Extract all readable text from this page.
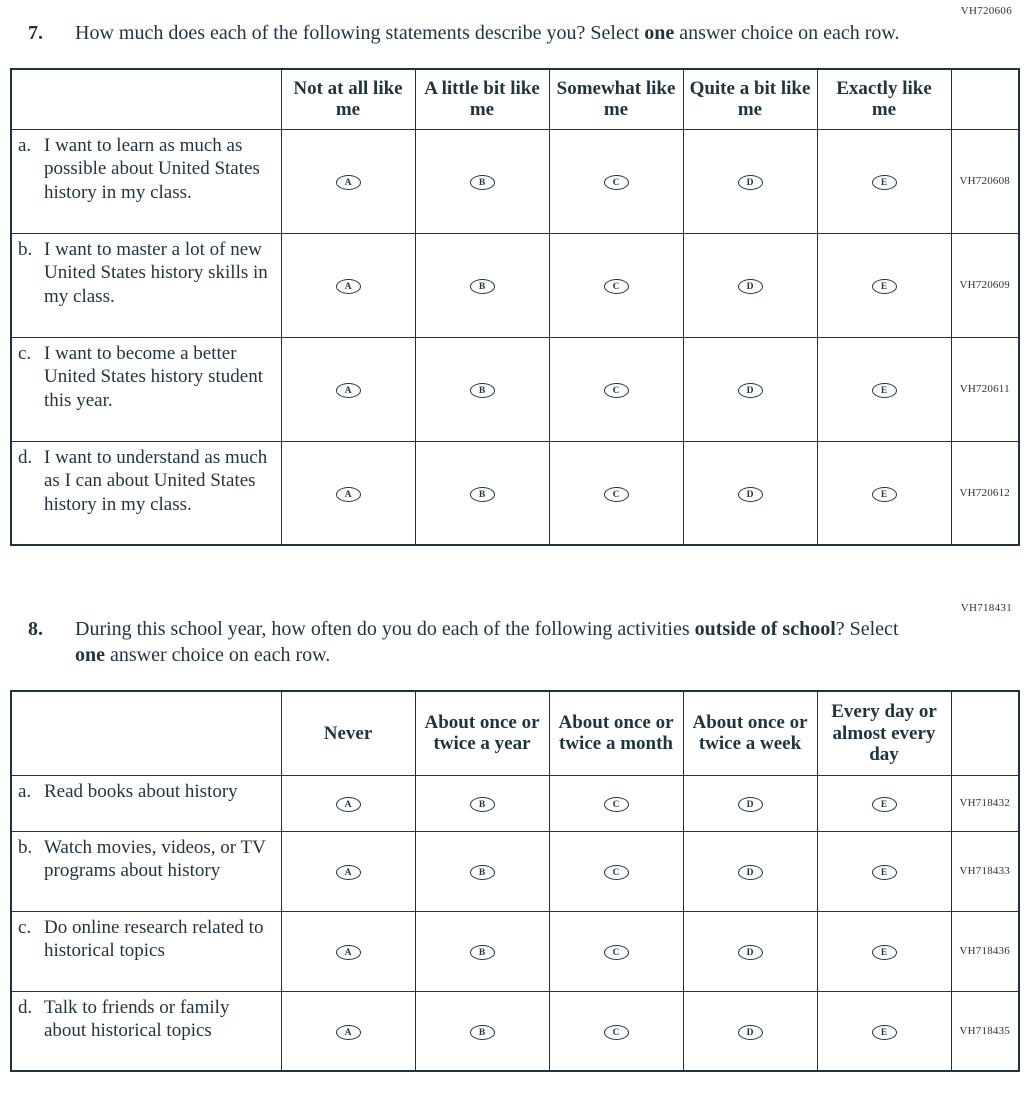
VH720606
7.	How much does each of the following statements describe you? Select one answer choice on each row.
	Not at all like me	A little bit like me	Somewhat like me	Quite a bit like me	Exactly like me	

a. I want to learn as much as possible about United States history in my class.	A	B	C	D	E	VH720608

b. I want to master a lot of new United States history skills in my class.	A	B	C	D	E	VH720609

c. I want to become a better United States history student this year.	A	B	C	D	E	VH720611

d. I want to understand as much as I can about United States history in my class.	A	B	C	D	E	VH720612
VH718431
8.	During this school year, how often do you do each of the following activities outside of school? Select one answer choice on each row.
	Never	About once or twice a year	About once or twice a month	About once or twice a week	Every day or almost every day	

a. Read books about history	A	B	C	D	E	VH718432

b. Watch movies, videos, or TV programs about history	A	B	C	D	E	VH718433

c. Do online research related to historical topics	A	B	C	D	E	VH718436

d. Talk to friends or family about historical topics	A	B	C	D	E	VH718435
